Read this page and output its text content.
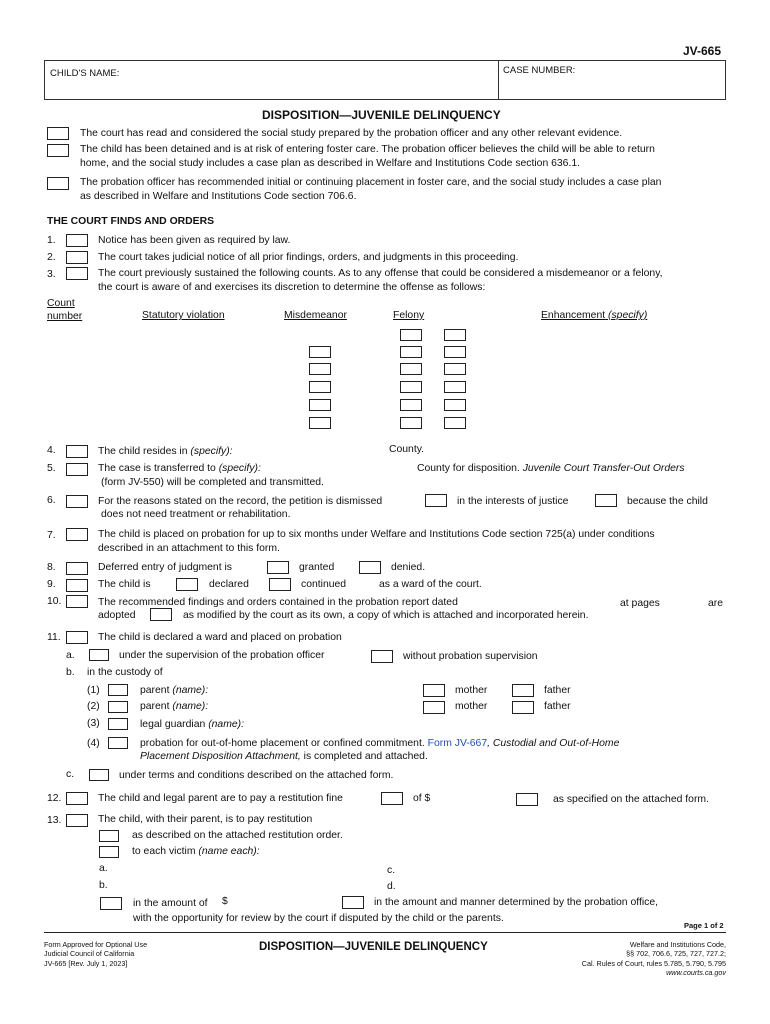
JV-665
CHILD'S NAME:	CASE NUMBER:
DISPOSITION—JUVENILE DELINQUENCY
The court has read and considered the social study prepared by the probation officer and any other relevant evidence.
The child has been detained and is at risk of entering foster care. The probation officer believes the child will be able to return
home, and the social study includes a case plan as described in Welfare and Institutions Code section 636.1.
The probation officer has recommended initial or continuing placement in foster care, and the social study includes a case plan
as described in Welfare and Institutions Code section 706.6.
THE COURT FINDS AND ORDERS
1.	Notice has been given as required by law.
2.	The court takes judicial notice of all prior findings, orders, and judgments in this proceeding.
3.	The court previously sustained the following counts. As to any offense that could be considered a misdemeanor or a felony,
the court is aware of and exercises its discretion to determine the offense as follows:
Count
number	Statutory violation	Misdemeanor	Felony	Enhancement (specify)
4.	The child resides in (specify):	County.
5.	The case is transferred to (specify):	County for disposition. Juvenile Court Transfer-Out Orders
(form JV-550) will be completed and transmitted.
6.	For the reasons stated on the record, the petition is dismissed	in the interests of justice	because the child
does not need treatment or rehabilitation.
7.	The child is placed on probation for up to six months under Welfare and Institutions Code section 725(a) under conditions
described in an attachment to this form.
8.	Deferred entry of judgment is	granted	denied.
9.	The child is	declared	continued	as a ward of the court.
10.	The recommended findings and orders contained in the probation report dated	at pages	are
adopted	as modified by the court as its own, a copy of which is attached and incorporated herein.
11.	The child is declared a ward and placed on probation
a.	under the supervision of the probation officer	without probation supervision
b. in the custody of
(1)	parent (name):	mother	father
(2)	parent (name):	mother	father
(3)	legal guardian (name):
(4)	probation for out-of-home placement or confined commitment. Form JV-667, Custodial and Out-of-Home
Placement Disposition Attachment, is completed and attached.
c.	under terms and conditions described on the attached form.
12.	The child and legal parent are to pay a restitution fine	of $	as specified on the attached form.
13.	The child, with their parent, is to pay restitution
as described on the attached restitution order.
to each victim (name each):
a.	c.
b.	d.
in the amount of $	in the amount and manner determined by the probation office,
with the opportunity for review by the court if disputed by the child or the parents.
Page 1 of 2
Form Approved for Optional Use
Judicial Council of California
JV-665 [Rev. July 1, 2023]
DISPOSITION—JUVENILE DELINQUENCY	Welfare and Institutions Code,
§§ 702, 706.6, 725, 727, 727.2;
Cal. Rules of Court, rules 5.785, 5.790, 5.795
www.courts.ca.gov
